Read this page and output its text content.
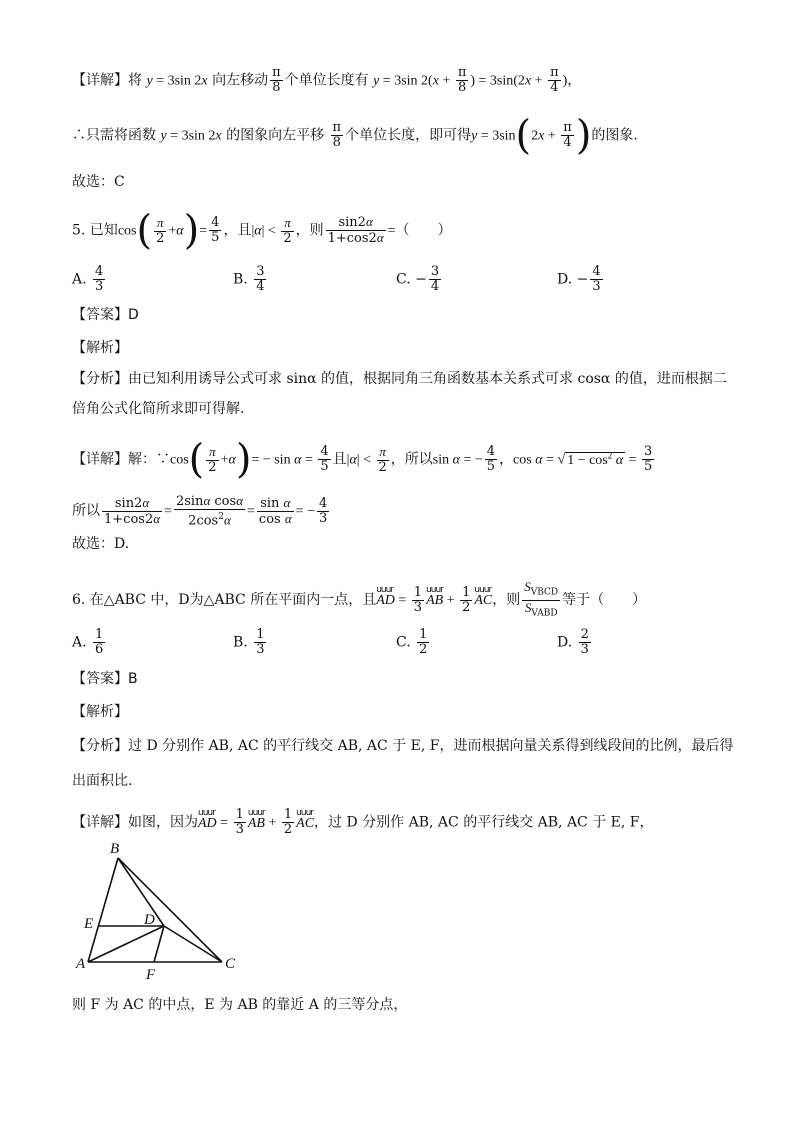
【详解】将 y = 3sin 2x 向左移动 $\frac{\pi}{8}$ 个单位长度有 y = 3sin $2(x + \frac{\pi}{8}$ ) = $3\sin(2x + \frac{\pi}{4}$ )，
∴只需将函数 y = 3sin 2x 的图象向左平移 $\frac{\pi}{8}$ 个单位长度，即可得$y = 3\sin(2x + \frac{\pi}{4}$ )的图象.
故选：C
5. 已知$\cos( \frac{\pi}{2} +\alpha)= \frac{4}{5}$ ，且$|\alpha| < \frac{\pi}{2}$ ，则 $\frac{\sin 2\alpha}{1+\cos 2\alpha}$ =（　　）
A. $\frac{4}{3}$	B. $\frac{3}{4}$	C. − $\frac{3}{4}$	D. − $\frac{4}{3}$
【答案】D
【解析】
【分析】由已知利用诱导公式可求 sinα 的值，根据同角三角函数基本关系式可求 cosα 的值，进而根据二
倍角公式化简所求即可得解.
【详解】解：∵cos( $\frac{\pi}{2} +\alpha)= - \sin \alpha = \frac{4}{5}$ 且$|\alpha| < \frac{\pi}{2}$ ，所以sin α = − $\frac{4}{5}$ ，cos α = √ $1 - \cos^2 \alpha = \frac{3}{5}$
所以 $\frac{\sin 2\alpha}{1+\cos 2\alpha} = \frac{\text{2sinα cosα}}{2\cos^2\alpha} = \frac{\text{sin α}}{\text{cos α}}$ = − $\frac{4}{3}$
故选：D.
6. 在△ABC 中，D为△ABC 所在平面内一点，且uuur AD = $\frac{1}{3}$ uuur AB + $\frac{1}{2}$ uuur AC，则 $\frac{S_{VBCD}}{S_{VABD}}$ 等于（　　）
A. $\frac{1}{6}$	B. $\frac{1}{3}$	C. $\frac{1}{2}$	D. $\frac{2}{3}$
【答案】B
【解析】
【分析】过 D 分别作 AB, AC 的平行线交 AB, AC 于 E, F，进而根据向量关系得到线段间的比例，最后得
出面积比.
【详解】如图，因为uuur AD = $\frac{1}{3}$ uuur AB + $\frac{1}{2}$ uuur AC，过 D 分别作 AB, AC 的平行线交 AB, AC 于 E, F，
B
A	C
D
E
F
则 F 为 AC 的中点，E 为 AB 的靠近 A 的三等分点，
